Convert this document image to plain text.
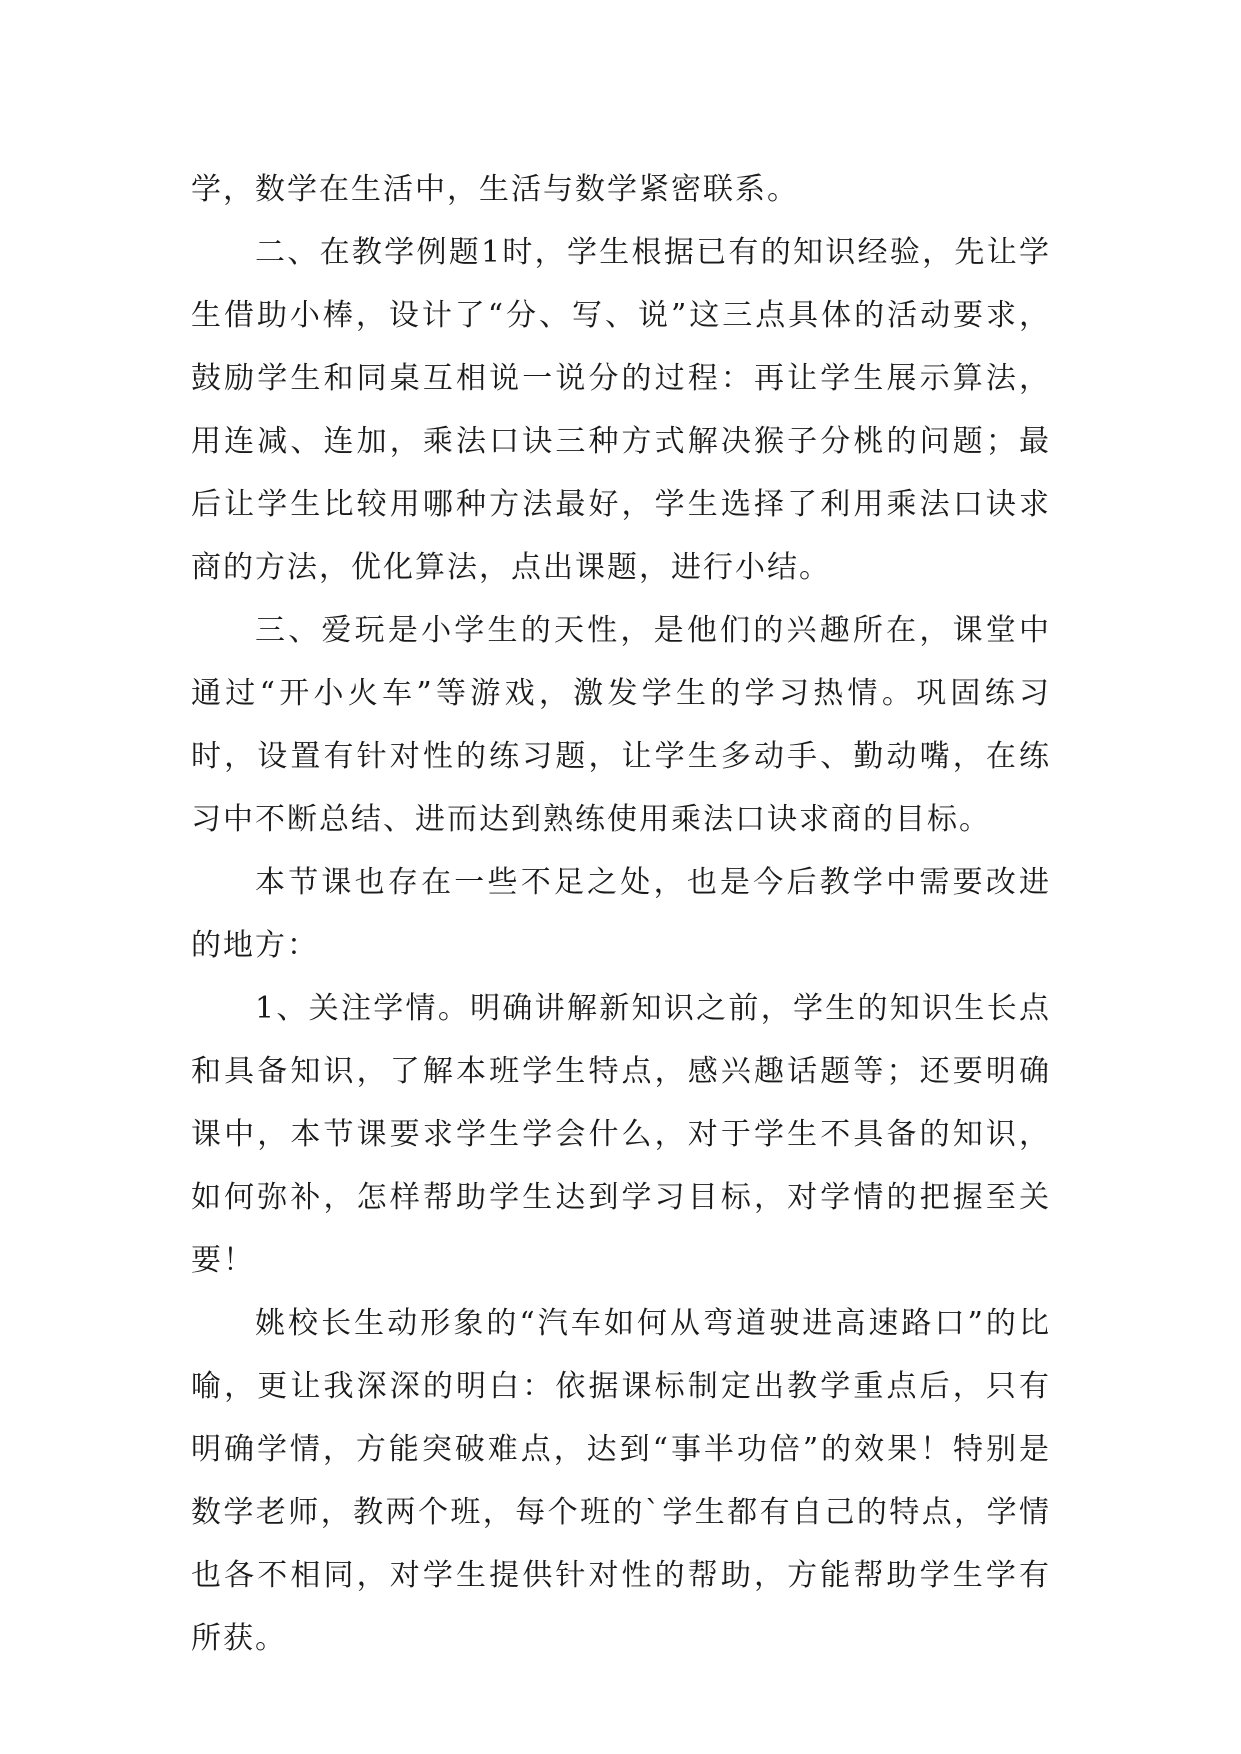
学，数学在生活中，生活与数学紧密联系。

二、在教学例题1时，学生根据已有的知识经验，先让学生借助小棒，设计了“分、写、说”这三点具体的活动要求，鼓励学生和同桌互相说一说分的过程：再让学生展示算法，用连减、连加，乘法口诀三种方式解决猴子分桃的问题；最后让学生比较用哪种方法最好，学生选择了利用乘法口诀求商的方法，优化算法，点出课题，进行小结。

三、爱玩是小学生的天性，是他们的兴趣所在，课堂中通过“开小火车”等游戏，激发学生的学习热情。巩固练习时，设置有针对性的练习题，让学生多动手、勤动嘴，在练习中不断总结、进而达到熟练使用乘法口诀求商的目标。

本节课也存在一些不足之处，也是今后教学中需要改进的地方：

1、关注学情。明确讲解新知识之前，学生的知识生长点和具备知识，了解本班学生特点，感兴趣话题等；还要明确课中，本节课要求学生学会什么，对于学生不具备的知识，如何弥补，怎样帮助学生达到学习目标，对学情的把握至关要！

姚校长生动形象的“汽车如何从弯道驶进高速路口”的比喻，更让我深深的明白：依据课标制定出教学重点后，只有明确学情，方能突破难点，达到“事半功倍”的效果！特别是数学老师，教两个班，每个班的`学生都有自己的特点，学情也各不相同，对学生提供针对性的帮助，方能帮助学生学有所获。
